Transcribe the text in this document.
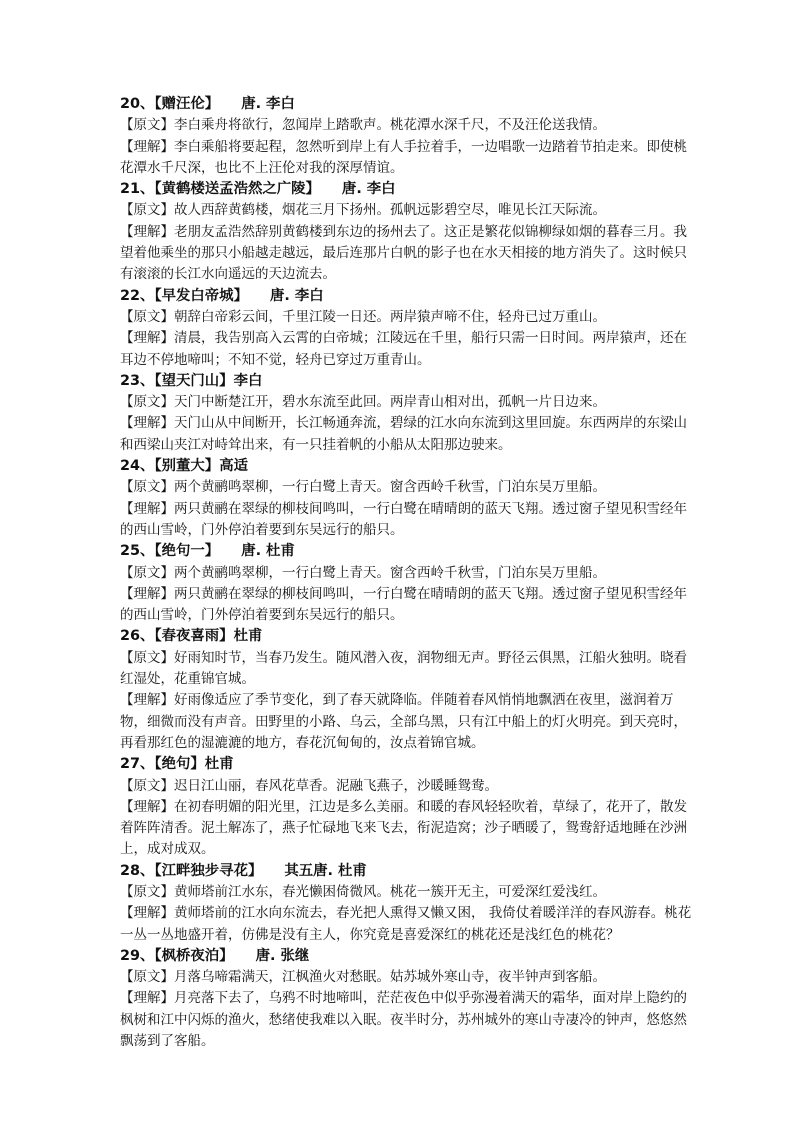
20、【赠汪伦】 唐. 李白

【原文】李白乘舟将欲行，忽闻岸上踏歌声。桃花潭水深千尺，不及汪伦送我情。

【理解】李白乘船将要起程，忽然听到岸上有人手拉着手，一边唱歌一边踏着节拍走来。即使桃花潭水千尺深，也比不上汪伦对我的深厚情谊。

21、【黄鹤楼送孟浩然之广陵】 唐. 李白

【原文】故人西辞黄鹤楼，烟花三月下扬州。孤帆远影碧空尽，唯见长江天际流。

【理解】老朋友孟浩然辞别黄鹤楼到东边的扬州去了。这正是繁花似锦柳绿如烟的暮春三月。我望着他乘坐的那只小船越走越远，最后连那片白帆的影子也在水天相接的地方消失了。这时候只有滚滚的长江水向遥远的天边流去。

22、【早发白帝城】 唐. 李白

【原文】朝辞白帝彩云间，千里江陵一日还。两岸猿声啼不住，轻舟已过万重山。

【理解】清晨，我告别高入云霄的白帝城；江陵远在千里，船行只需一日时间。两岸猿声，还在耳边不停地啼叫；不知不觉，轻舟已穿过万重青山。

23、【望天门山】李白

【原文】天门中断楚江开，碧水东流至此回。两岸青山相对出，孤帆一片日边来。

【理解】天门山从中间断开，长江畅通奔流，碧绿的江水向东流到这里回旋。东西两岸的东梁山和西梁山夹江对峙耸出来，有一只挂着帆的小船从太阳那边驶来。

24、【别董大】高适

【原文】两个黄鹂鸣翠柳，一行白鹭上青天。窗含西岭千秋雪，门泊东吴万里船。

【理解】两只黄鹂在翠绿的柳枝间鸣叫，一行白鹭在晴晴朗的蓝天飞翔。透过窗子望见积雪经年的西山雪岭，门外停泊着要到东吴远行的船只。

25、【绝句一】 唐. 杜甫

【原文】两个黄鹂鸣翠柳，一行白鹭上青天。窗含西岭千秋雪，门泊东吴万里船。

【理解】两只黄鹂在翠绿的柳枝间鸣叫，一行白鹭在晴晴朗的蓝天飞翔。透过窗子望见积雪经年的西山雪岭，门外停泊着要到东吴远行的船只。

26、【春夜喜雨】杜甫

【原文】好雨知时节，当春乃发生。随风潜入夜，润物细无声。野径云俱黑，江船火独明。晓看红湿处，花重锦官城。

【理解】好雨像适应了季节变化，到了春天就降临。伴随着春风悄悄地飘洒在夜里，滋润着万物，细微而没有声音。田野里的小路、乌云，全部乌黑，只有江中船上的灯火明亮。到天亮时，再看那红色的湿漉漉的地方，春花沉甸甸的，汝点着锦官城。

27、【绝句】杜甫

【原文】迟日江山丽，春风花草香。泥融飞燕子，沙暖睡鸳鸯。

【理解】在初春明媚的阳光里，江边是多么美丽。和暖的春风轻轻吹着，草绿了，花开了，散发着阵阵清香。泥土解冻了，燕子忙碌地飞来飞去，衔泥造窝；沙子晒暖了，鸳鸯舒适地睡在沙洲上，成对成双。

28、【江畔独步寻花】 其五唐. 杜甫

【原文】黄师塔前江水东，春光懒困倚微风。桃花一簇开无主，可爱深红爱浅红。

【理解】黄师塔前的江水向东流去，春光把人熏得又懒又困， 我倚仗着暖洋洋的春风游春。桃花一丛一丛地盛开着，仿佛是没有主人，你究竟是喜爱深红的桃花还是浅红色的桃花？

29、【枫桥夜泊】 唐. 张继

【原文】月落乌啼霜满天，江枫渔火对愁眠。姑苏城外寒山寺，夜半钟声到客船。

【理解】月亮落下去了，乌鸦不时地啼叫，茫茫夜色中似乎弥漫着满天的霜华，面对岸上隐约的枫树和江中闪烁的渔火，愁绪使我难以入眠。夜半时分，苏州城外的寒山寺凄冷的钟声，悠悠然飘荡到了客船。
